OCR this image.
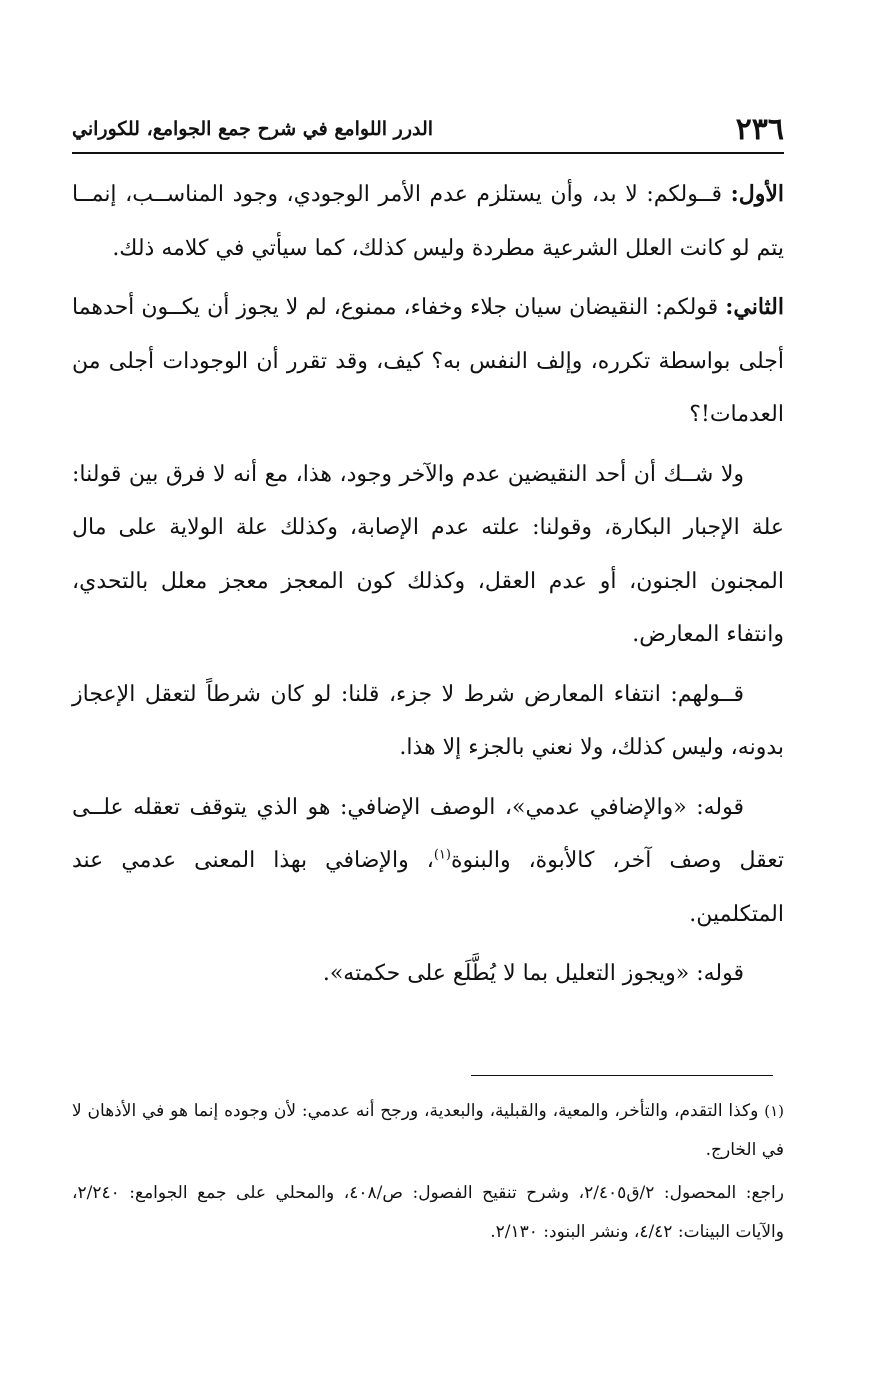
٢٣٦
الدرر اللوامع في شرح جمع الجوامع، للكوراني

الأول: قــولكم: لا بد، وأن يستلزم عدم الأمر الوجودي، وجود المناســب، إنمــا يتم لو كانت العلل الشرعية مطردة وليس كذلك، كما سيأتي في كلامه ذلك.

الثاني: قولكم: النقيضان سيان جلاء وخفاء، ممنوع، لم لا يجوز أن يكــون أحدهما أجلى بواسطة تكرره، وإلف النفس به؟ كيف، وقد تقرر أن الوجودات أجلى من العدمات!؟

ولا شــك أن أحد النقيضين عدم والآخر وجود، هذا، مع أنه لا فرق بين قولنا: علة الإجبار البكارة، وقولنا: علته عدم الإصابة، وكذلك علة الولاية على مال المجنون الجنون، أو عدم العقل، وكذلك كون المعجز معجز معلل بالتحدي، وانتفاء المعارض.

قــولهم: انتفاء المعارض شرط لا جزء، قلنا: لو كان شرطاً لتعقل الإعجاز بدونه، وليس كذلك، ولا نعني بالجزء إلا هذا.

قوله: «والإضافي عدمي»، الوصف الإضافي: هو الذي يتوقف تعقله علــى تعقل وصف آخر، كالأبوة، والبنوة$^{(١)}$، والإضافي بهذا المعنى عدمي عند المتكلمين.

قوله: «ويجوز التعليل بما لا يُطَّلَع على حكمته».

(١) وكذا التقدم، والتأخر، والمعية، والقبلية، والبعدية، ورجح أنه عدمي: لأن وجوده إنما هو في الأذهان لا في الخارج.

راجع: المحصول: ٢/ق٢/٤٠٥، وشرح تنقيح الفصول: ص/٤٠٨، والمحلي على جمع الجوامع: ٢/٢٤٠، والآيات البينات: ٤/٤٢، ونشر البنود: ٢/١٣٠.
